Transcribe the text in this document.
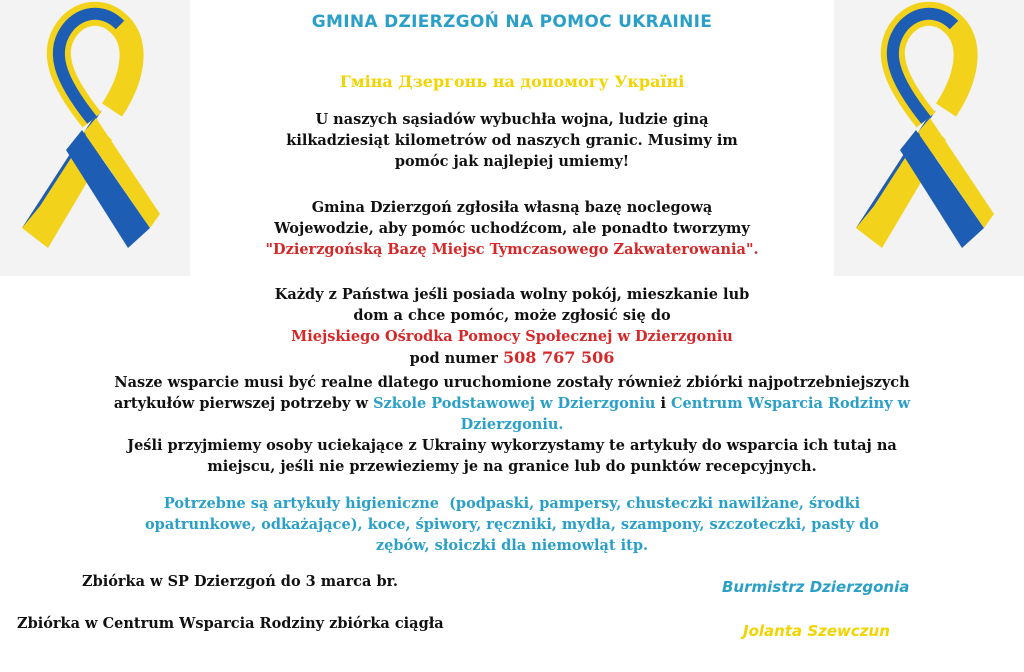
GMINA DZIERZGOŃ NA POMOC UKRAINIE
Гміна Дзергонь на допомогу Україні
U naszych sąsiadów wybuchła wojna, ludzie giną
kilkadziesiąt kilometrów od naszych granic. Musimy im
pomóc jak najlepiej umiemy!
Gmina Dzierzgoń zgłosiła własną bazę noclegową
Wojewodzie, aby pomóc uchodźcom, ale ponadto tworzymy
"Dzierzgońską Bazę Miejsc Tymczasowego Zakwaterowania".
Każdy z Państwa jeśli posiada wolny pokój, mieszkanie lub
dom a chce pomóc, może zgłosić się do
Miejskiego Ośrodka Pomocy Społecznej w Dzierzgoniu
pod numer 508 767 506
Nasze wsparcie musi być realne dlatego uruchomione zostały również zbiórki najpotrzebniejszych
artykułów pierwszej potrzeby w Szkole Podstawowej w Dzierzgoniu i Centrum Wsparcia Rodziny w
Dzierzgoniu.
Jeśli przyjmiemy osoby uciekające z Ukrainy wykorzystamy te artykuły do wsparcia ich tutaj na
miejscu, jeśli nie przewieziemy je na granice lub do punktów recepcyjnych.
Potrzebne są artykuły higieniczne  (podpaski, pampersy, chusteczki nawilżane, środki
opatrunkowe, odkażające), koce, śpiwory, ręczniki, mydła, szampony, szczoteczki, pasty do
zębów, słoiczki dla niemowląt itp.
Zbiórka w SP Dzierzgoń do 3 marca br.
Zbiórka w Centrum Wsparcia Rodziny zbiórka ciągła
Burmistrz Dzierzgonia
Jolanta Szewczun
